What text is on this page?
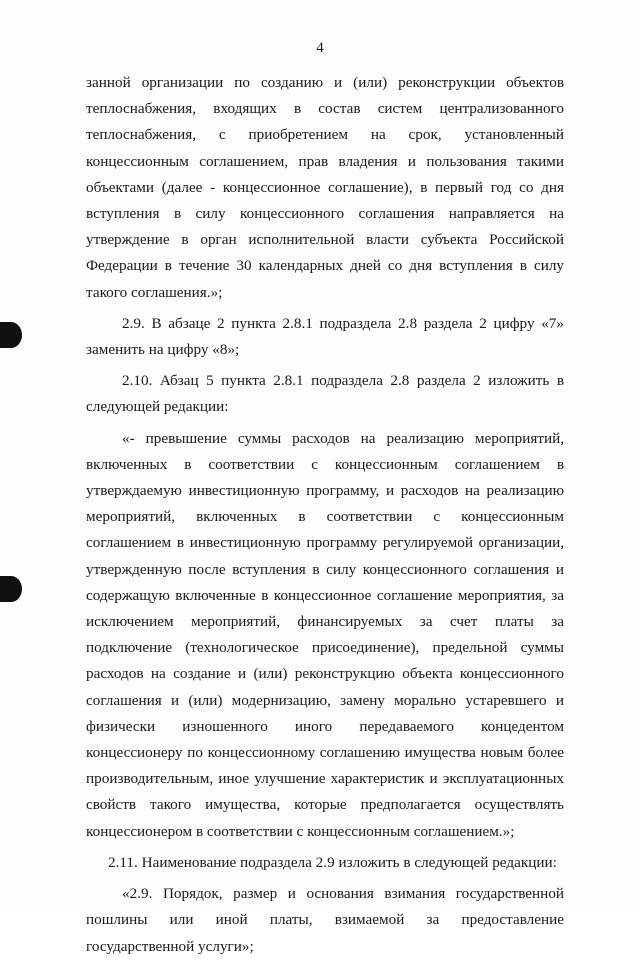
4

занной организации по созданию и (или) реконструкции объектов теплоснабжения, входящих в состав систем централизованного теплоснабжения, с приобретением на срок, установленный концессионным соглашением, прав владения и пользования такими объектами (далее - концессионное соглашение), в первый год со дня вступления в силу концессионного соглашения направляется на утверждение в орган исполнительной власти субъекта Российской Федерации в течение 30 календарных дней со дня вступления в силу такого соглашения.»;

2.9. В абзаце 2 пункта 2.8.1 подраздела 2.8 раздела 2 цифру «7» заменить на цифру «8»;

2.10. Абзац 5 пункта 2.8.1 подраздела 2.8 раздела 2 изложить в следующей редакции:

«- превышение суммы расходов на реализацию мероприятий, включенных в соответствии с концессионным соглашением в утверждаемую инвестиционную программу, и расходов на реализацию мероприятий, включенных в соответствии с концессионным соглашением в инвестиционную программу регулируемой организации, утвержденную после вступления в силу концессионного соглашения и содержащую включенные в концессионное соглашение мероприятия, за исключением мероприятий, финансируемых за счет платы за подключение (технологическое присоединение), предельной суммы расходов на создание и (или) реконструкцию объекта концессионного соглашения и (или) модернизацию, замену морально устаревшего и физически изношенного иного передаваемого концедентом концессионеру по концессионному соглашению имущества новым более производительным, иное улучшение характеристик и эксплуатационных свойств такого имущества, которые предполагается осуществлять концессионером в соответствии с концессионным соглашением.»;

2.11. Наименование подраздела 2.9 изложить в следующей редакции:

«2.9. Порядок, размер и основания взимания государственной пошлины или иной платы, взимаемой за предоставление государственной услуги»;
